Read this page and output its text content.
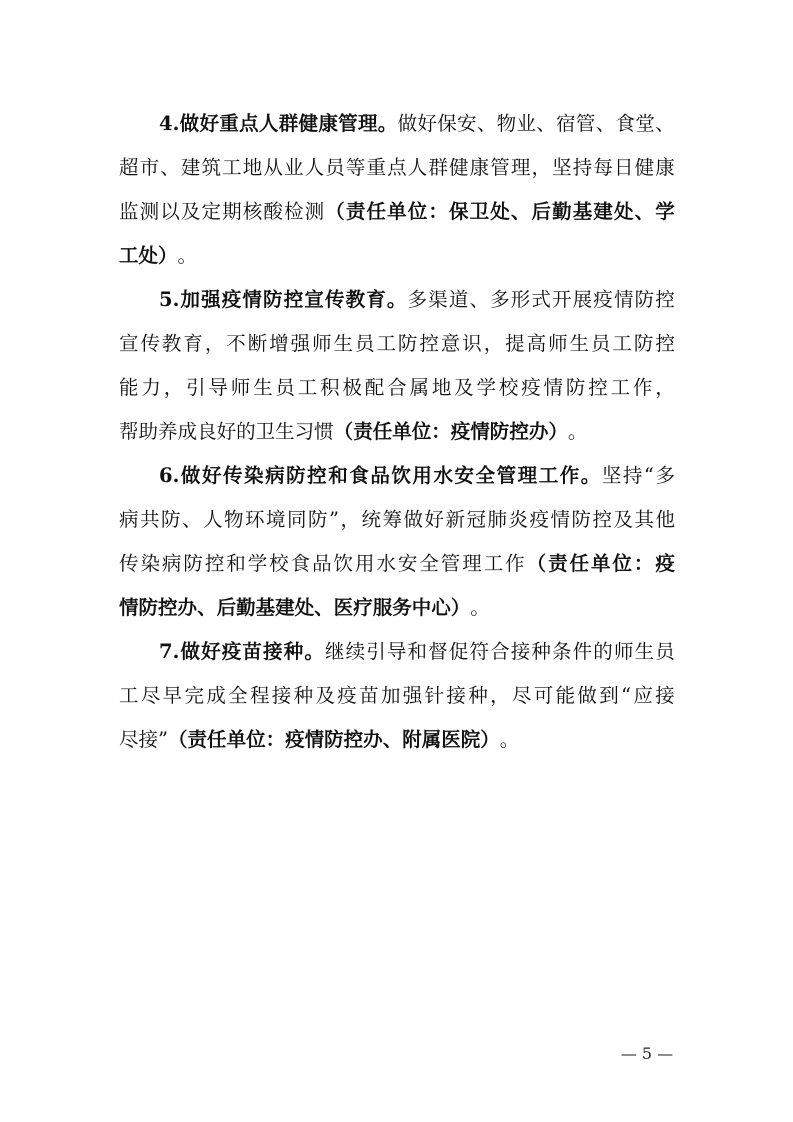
4. 做 好 重 点 人 群 健 康 管 理 。 做 好 保 安 、 物 业 、 宿 管 、 食 堂 、
超 市 、 建 筑 工 地 从 业 人 员 等 重 点 人 群 健 康 管 理 ， 坚 持 每 日 健 康
监 测 以 及 定 期 核 酸 检 测 （ 责 任 单 位 ： 保 卫 处 、 后 勤 基 建 处 、 学
工 处 ） 。
5. 加 强 疫 情 防 控 宣 传 教 育 。 多 渠 道 、 多 形 式 开 展 疫 情 防 控
宣 传 教 育 ， 不 断 增 强 师 生 员 工 防 控 意 识 ， 提 高 师 生 员 工 防 控
能 力 ， 引 导 师 生 员 工 积 极 配 合 属 地 及 学 校 疫 情 防 控 工 作 ，
帮 助 养 成 良 好 的 卫 生 习 惯 （ 责 任 单 位 ： 疫 情 防 控 办 ） 。
6. 做 好 传 染 病 防 控 和 食 品 饮 用 水 安 全 管 理 工 作 。 坚 持 “ 多
病 共 防 、 人 物 环 境 同 防 ” ， 统 筹 做 好 新 冠 肺 炎 疫 情 防 控 及 其 他
传 染 病 防 控 和 学 校 食 品 饮 用 水 安 全 管 理 工 作 （ 责 任 单 位 ： 疫
情 防 控 办 、 后 勤 基 建 处 、 医 疗 服 务 中 心 ） 。
7. 做 好 疫 苗 接 种 。 继 续 引 导 和 督 促 符 合 接 种 条 件 的 师 生 员
工 尽 早 完 成 全 程 接 种 及 疫 苗 加 强 针 接 种 ， 尽 可 能 做 到 “ 应 接
尽 接 ” （ 责 任 单 位 ： 疫 情 防 控 办 、 附 属 医 院 ） 。
— 5 —
